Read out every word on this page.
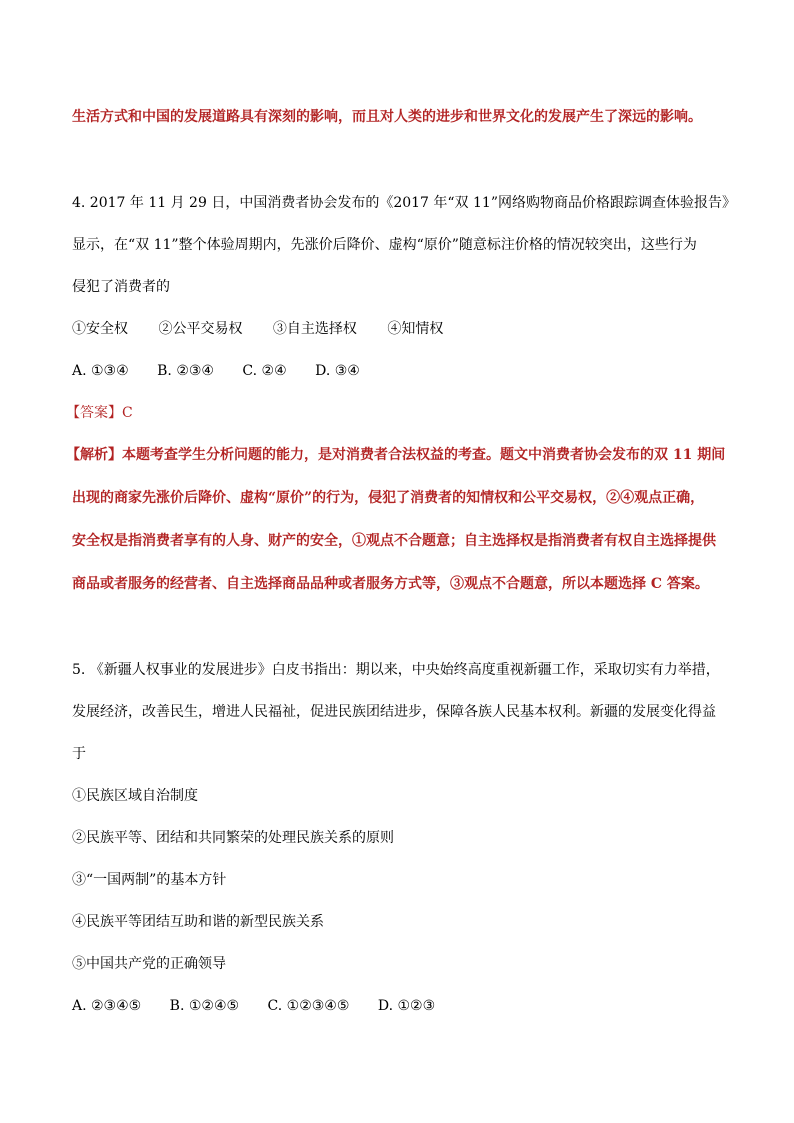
生活方式和中国的发展道路具有深刻的影响，而且对人类的进步和世界文化的发展产生了深远的影响。
4. 2017 年 11 月 29 日，中国消费者协会发布的《2017 年“双 11”网络购物商品价格跟踪调查体验报告》
显示，在“双 11”整个体验周期内，先涨价后降价、虚构“原价”随意标注价格的情况较突出，这些行为
侵犯了消费者的
①安全权 ②公平交易权 ③自主选择权 ④知情权
A. ①③④ B. ②③④ C. ②④ D. ③④
【答案】C
【解析】本题考查学生分析问题的能力，是对消费者合法权益的考查。题文中消费者协会发布的双 11 期间
出现的商家先涨价后降价、虚构“原价”的行为，侵犯了消费者的知情权和公平交易权，②④观点正确，
安全权是指消费者享有的人身、财产的安全，①观点不合题意；自主选择权是指消费者有权自主选择提供
商品或者服务的经营者、自主选择商品品种或者服务方式等，③观点不合题意，所以本题选择 C 答案。
5. 《新疆人权事业的发展进步》白皮书指出：期以来，中央始终高度重视新疆工作，采取切实有力举措，
发展经济，改善民生，增进人民福祉，促进民族团结进步，保障各族人民基本权利。新疆的发展变化得益
于
①民族区域自治制度
②民族平等、团结和共同繁荣的处理民族关系的原则
③“一国两制”的基本方针
④民族平等团结互助和谐的新型民族关系
⑤中国共产党的正确领导
A. ②③④⑤ B. ①②④⑤ C. ①②③④⑤ D. ①②③
